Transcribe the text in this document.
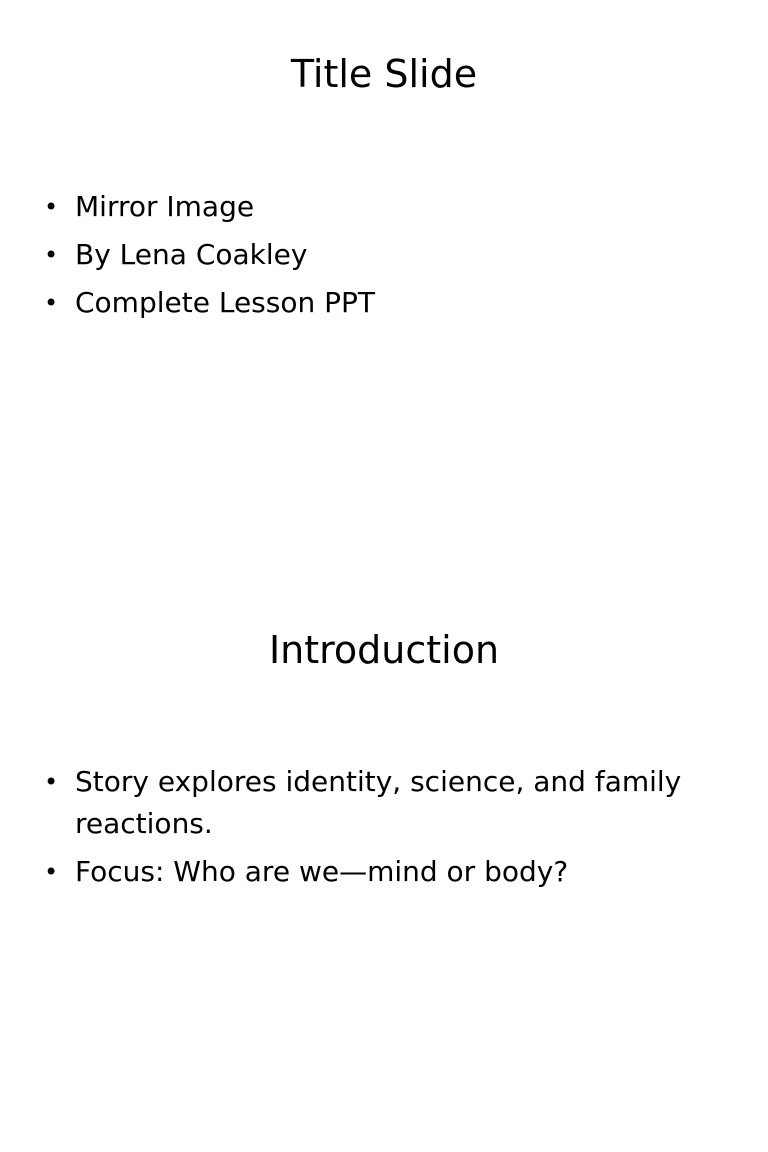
Title Slide
• Mirror Image
• By Lena Coakley
• Complete Lesson PPT
Introduction
• Story explores identity, science, and family reactions.
• Focus: Who are we—mind or body?
